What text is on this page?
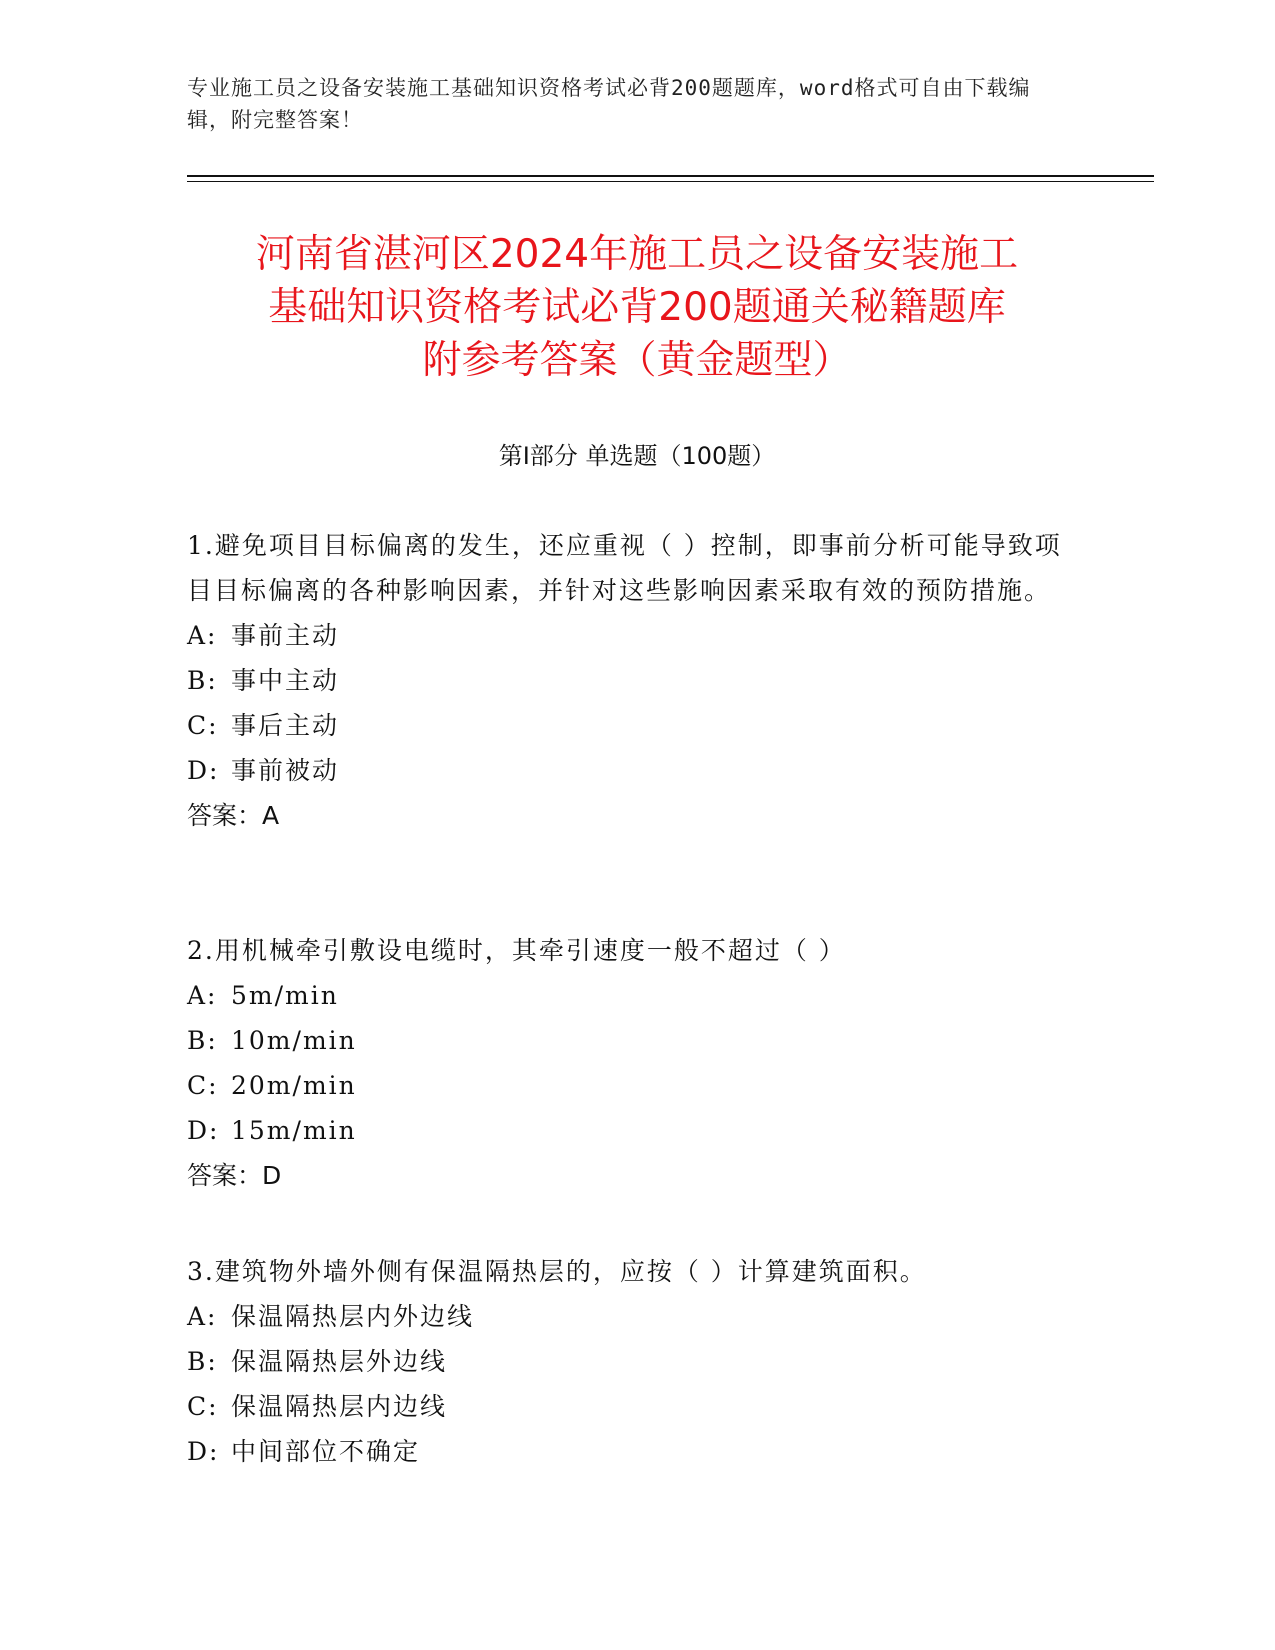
专业施工员之设备安装施工基础知识资格考试必背200题题库，word格式可自由下载编辑，附完整答案！
河南省湛河区2024年施工员之设备安装施工
基础知识资格考试必背200题通关秘籍题库
附参考答案（黄金题型）
第Ⅰ部分 单选题（100题）

1.避免项目目标偏离的发生，还应重视（ ）控制，即事前分析可能导致项目目标偏离的各种影响因素，并针对这些影响因素采取有效的预防措施。

A: 事前主动

B: 事中主动

C: 事后主动

D: 事前被动

答案：A

2.用机械牵引敷设电缆时，其牵引速度一般不超过（ ）

A: 5m/min

B: 10m/min

C: 20m/min

D: 15m/min

答案：D

3.建筑物外墙外侧有保温隔热层的，应按（ ）计算建筑面积。

A: 保温隔热层内外边线

B: 保温隔热层外边线

C: 保温隔热层内边线

D: 中间部位不确定
